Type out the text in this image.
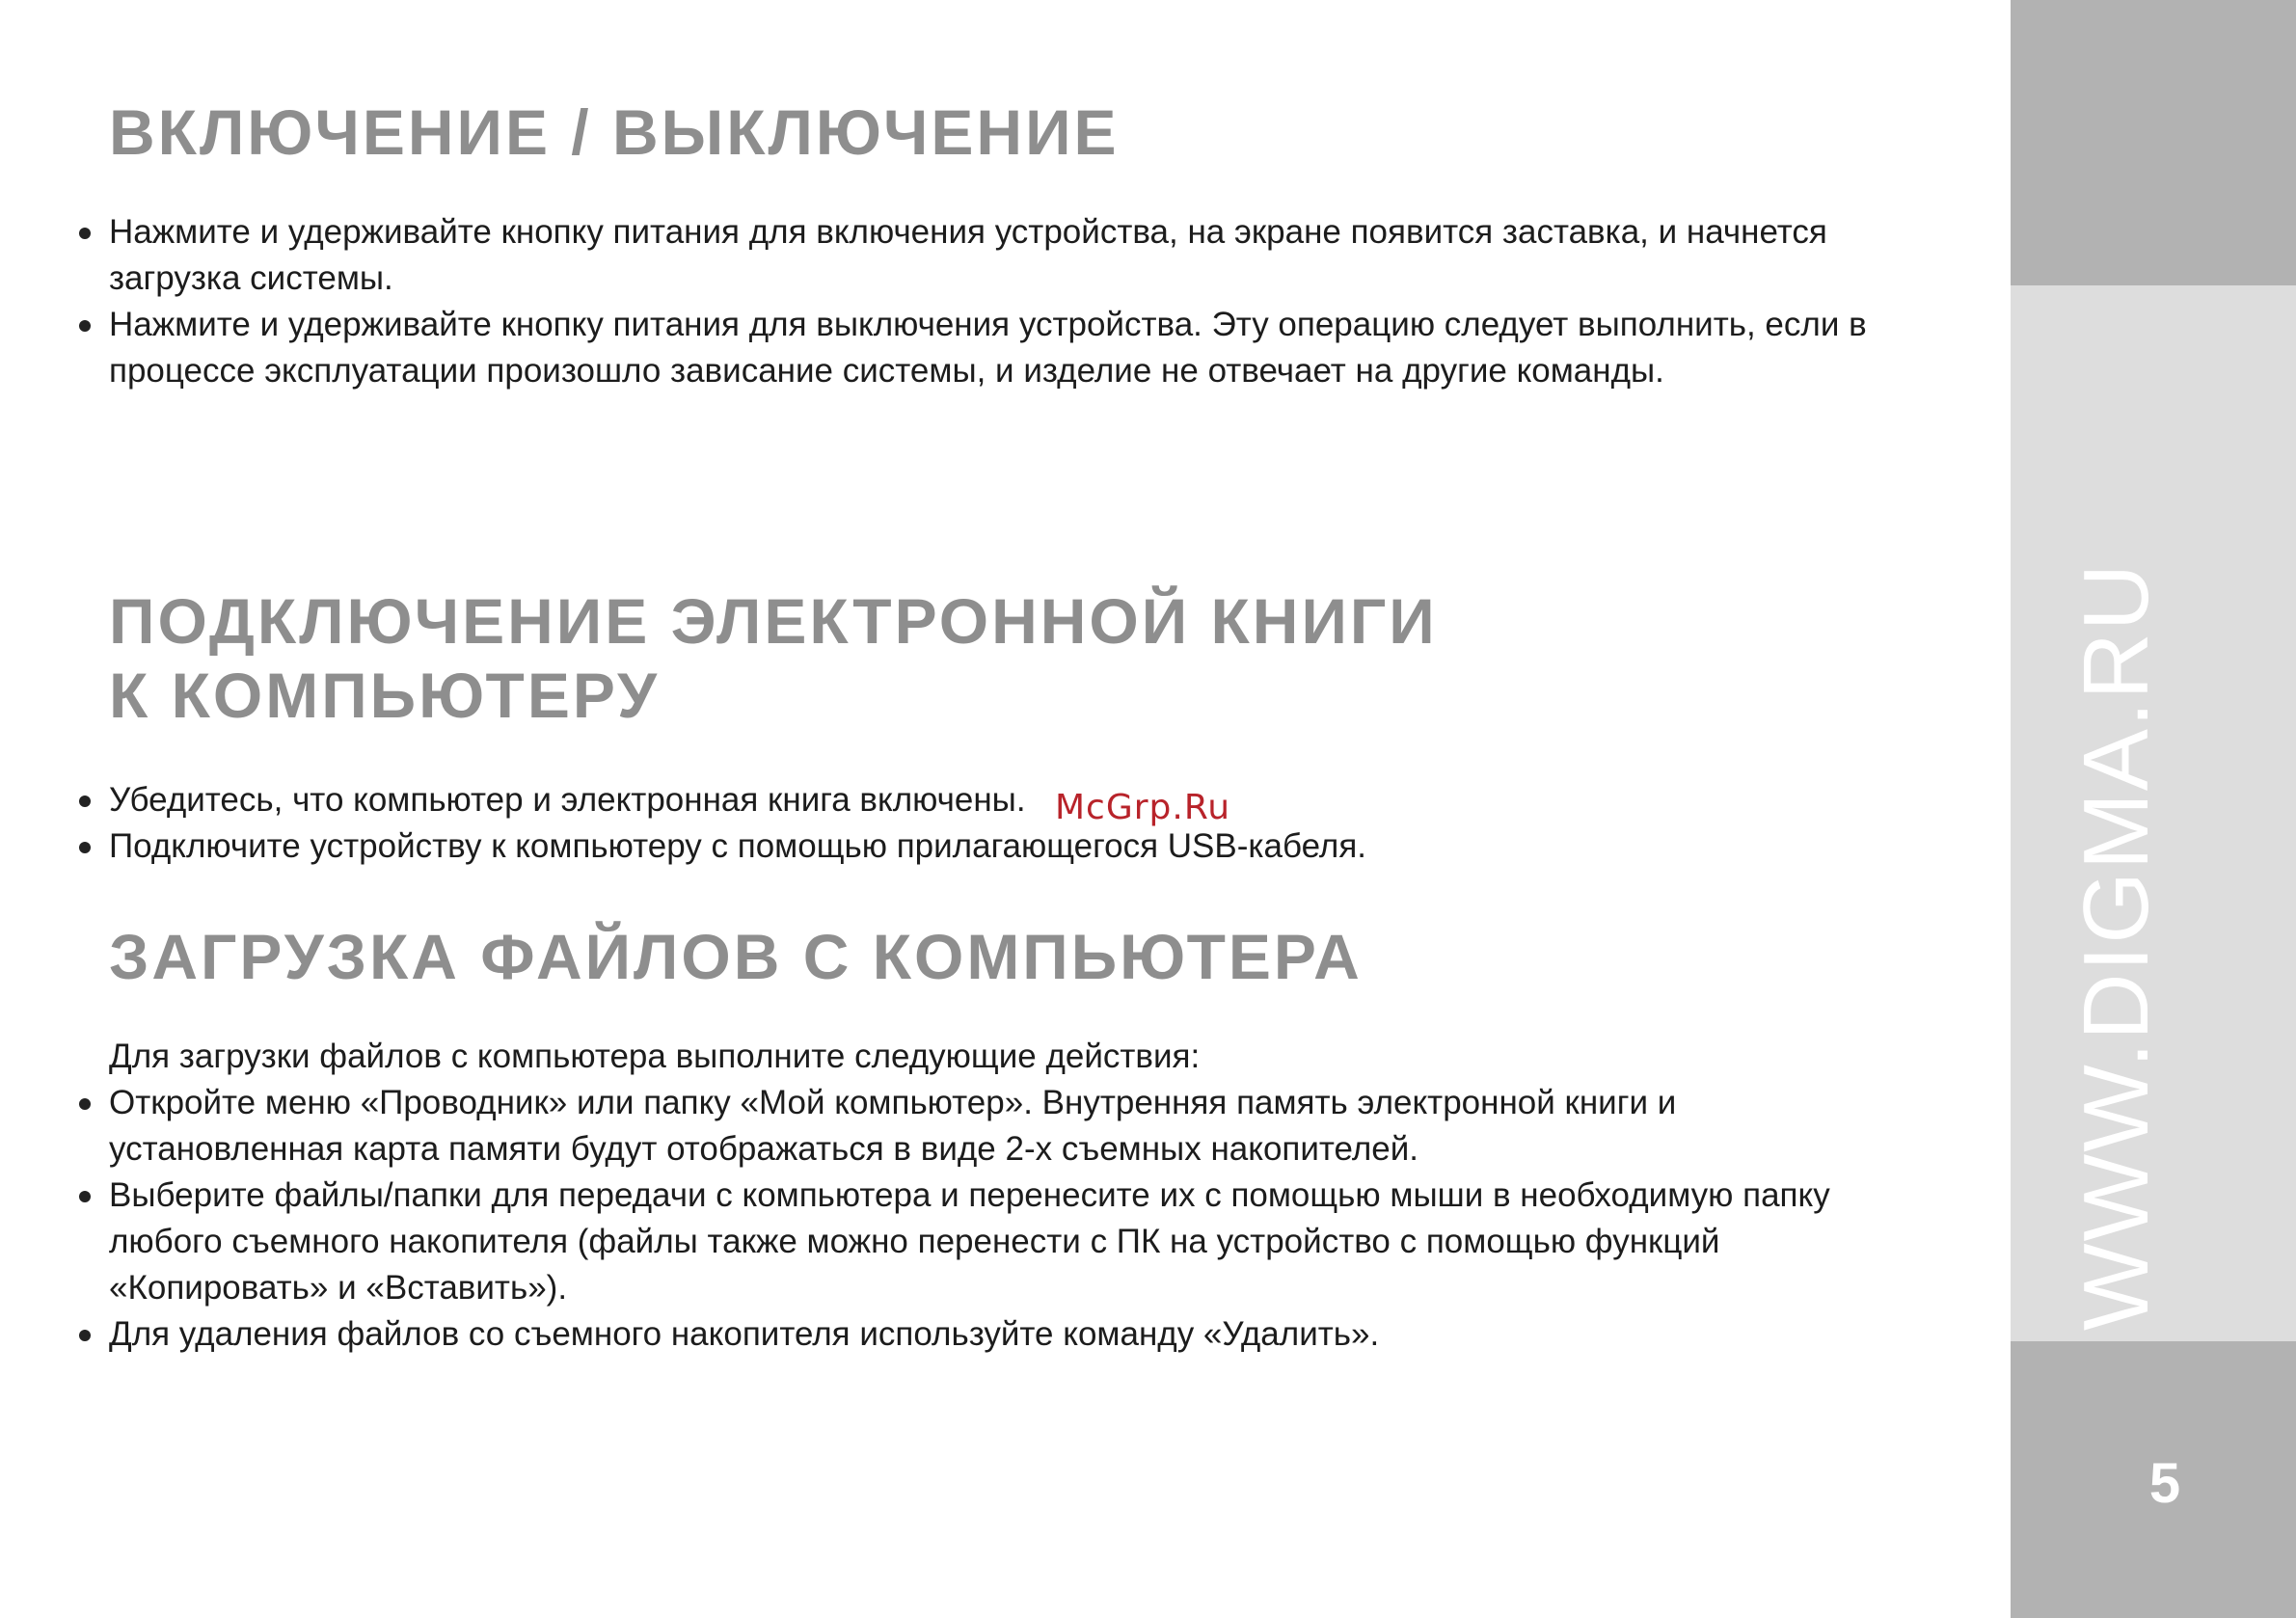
ВКЛЮЧЕНИЕ / ВЫКЛЮЧЕНИЕ
Нажмите и удерживайте кнопку питания для включения устройства, на экране появится заставка, и начнется загрузка системы.
Нажмите и удерживайте кнопку питания для выключения устройства. Эту операцию следует выполнить, если в процессе эксплуатации произошло зависание системы, и изделие не отвечает на другие команды.
ПОДКЛЮЧЕНИЕ ЭЛЕКТРОННОЙ КНИГИ
К КОМПЬЮТЕРУ
Убедитесь, что компьютер и электронная книга включены.
Подключите устройству к компьютеру с помощью прилагающегося USB-кабеля.
ЗАГРУЗКА ФАЙЛОВ С КОМПЬЮТЕРА

Для загрузки файлов с компьютера выполните следующие действия:

Откройте меню «Проводник» или папку «Мой компьютер». Внутренняя память электронной книги и установленная карта памяти будут отображаться в виде 2-х съемных накопителей.
Выберите файлы/папки для передачи с компьютера и перенесите их с помощью мыши в необходимую папку любого съемного накопителя (файлы также можно перенести с ПК на устройство с помощью функций «Копировать» и «Вставить»).
Для удаления файлов со съемного накопителя используйте команду «Удалить».
McGrp.Ru	WWW.DIGMA.RU
5
